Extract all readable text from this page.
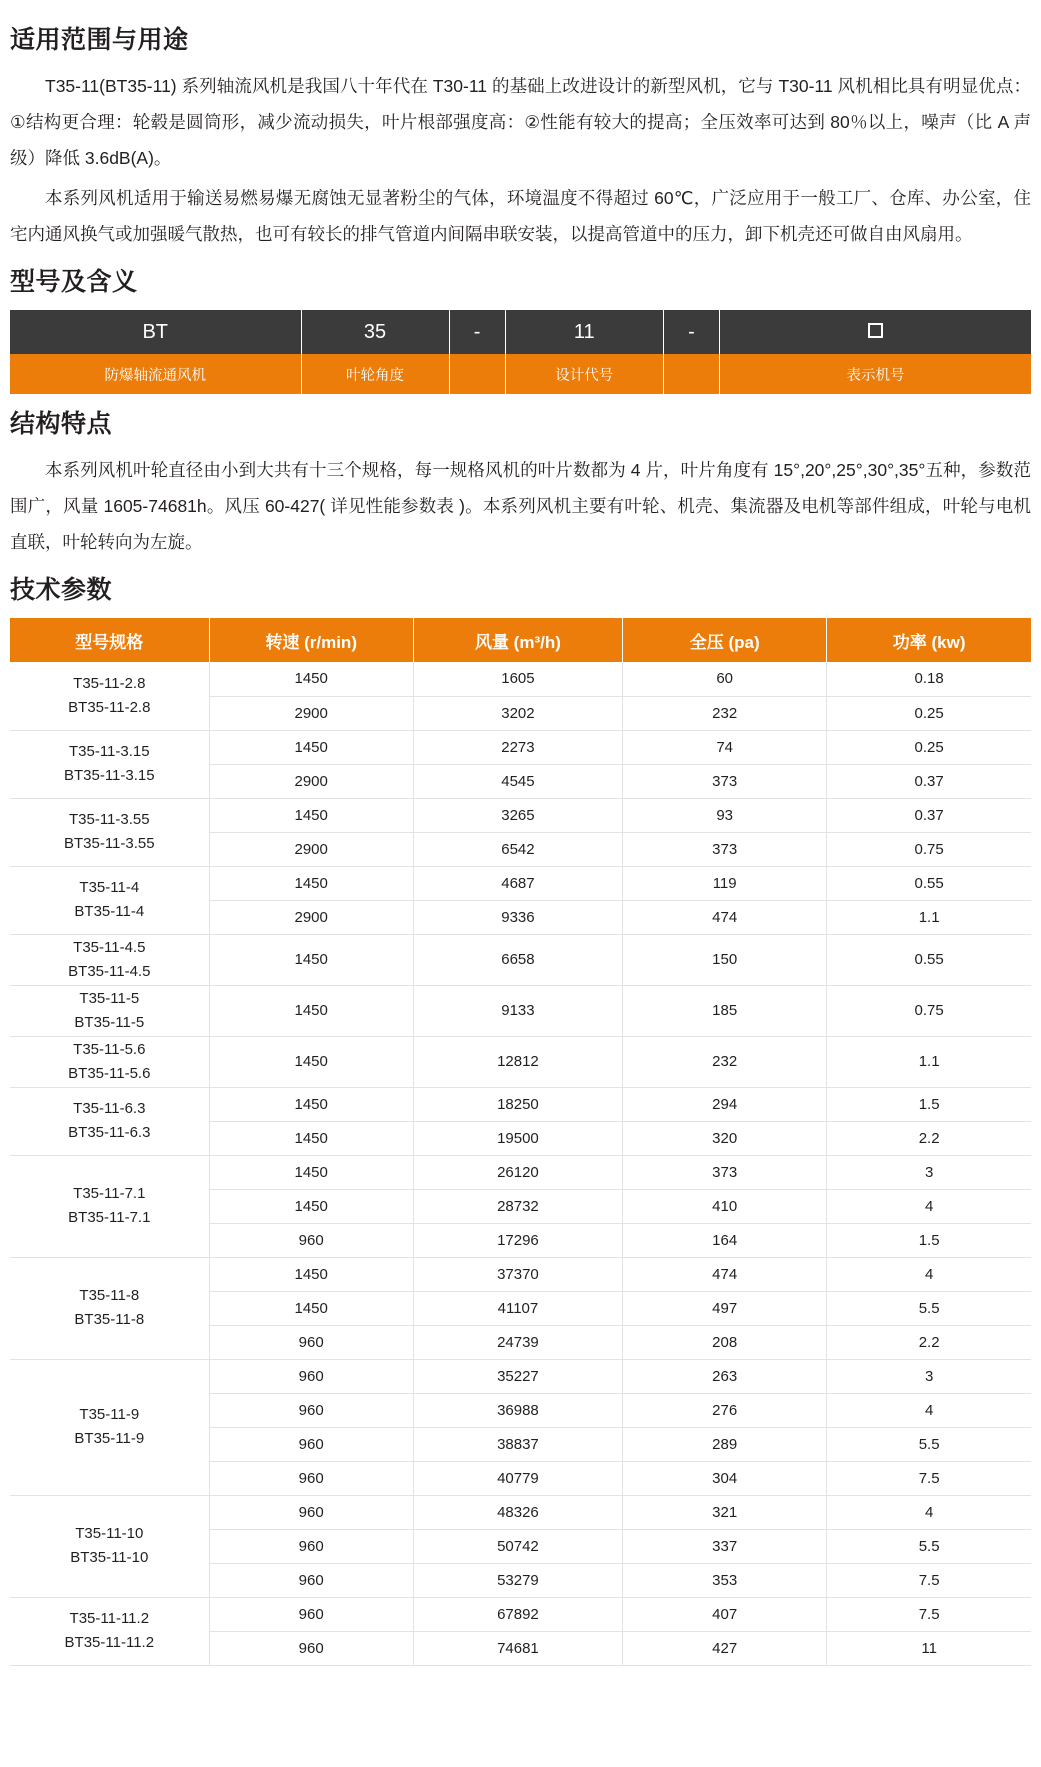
适用范围与用途

T35-11(BT35-11) 系列轴流风机是我国八十年代在 T30-11 的基础上改进设计的新型风机，它与 T30-11 风机相比具有明显优点：①结构更合理：轮毂是圆筒形，减少流动损失，叶片根部强度高：②性能有较大的提高；全压效率可达到 80％以上，噪声（比 A 声级）降低 3.6dB(A)。

本系列风机适用于输送易燃易爆无腐蚀无显著粉尘的气体，环境温度不得超过 60℃，广泛应用于一般工厂、仓库、办公室，住宅内通风换气或加强暖气散热，也可有较长的排气管道内间隔串联安装，以提高管道中的压力，卸下机壳还可做自由风扇用。

型号及含义
BT	35	-	11	-	
防爆轴流通风机	叶轮角度		设计代号		表示机号
结构特点

本系列风机叶轮直径由小到大共有十三个规格，每一规格风机的叶片数都为 4 片，叶片角度有 15°,20°,25°,30°,35°五种，参数范围广，风量 1605-74681h。风压 60-427( 详见性能参数表 )。本系列风机主要有叶轮、机壳、集流器及电机等部件组成，叶轮与电机直联，叶轮转向为左旋。

技术参数
型号规格	转速 (r/min)	风量 (m³/h)	全压 (pa)	功率 (kw)

T35-11-2.8
BT35-11-2.8	1450	1605	60	0.18
	2900	3202	232	0.25

T35-11-3.15
BT35-11-3.15	1450	2273	74	0.25
	2900	4545	373	0.37

T35-11-3.55
BT35-11-3.55	1450	3265	93	0.37
	2900	6542	373	0.75

T35-11-4
BT35-11-4	1450	4687	119	0.55
	2900	9336	474	1.1

T35-11-4.5
BT35-11-4.5	1450	6658	150	0.55

T35-11-5
BT35-11-5	1450	9133	185	0.75

T35-11-5.6
BT35-11-5.6	1450	12812	232	1.1

T35-11-6.3
BT35-11-6.3	1450	18250	294	1.5
	1450	19500	320	2.2

T35-11-7.1
BT35-11-7.1	1450	26120	373	3
	1450	28732	410	4
	960	17296	164	1.5

T35-11-8
BT35-11-8	1450	37370	474	4
	1450	41107	497	5.5
	960	24739	208	2.2

T35-11-9
BT35-11-9	960	35227	263	3
	960	36988	276	4
	960	38837	289	5.5
	960	40779	304	7.5

T35-11-10
BT35-11-10	960	48326	321	4
	960	50742	337	5.5
	960	53279	353	7.5

T35-11-11.2
BT35-11-11.2	960	67892	407	7.5
	960	74681	427	11
